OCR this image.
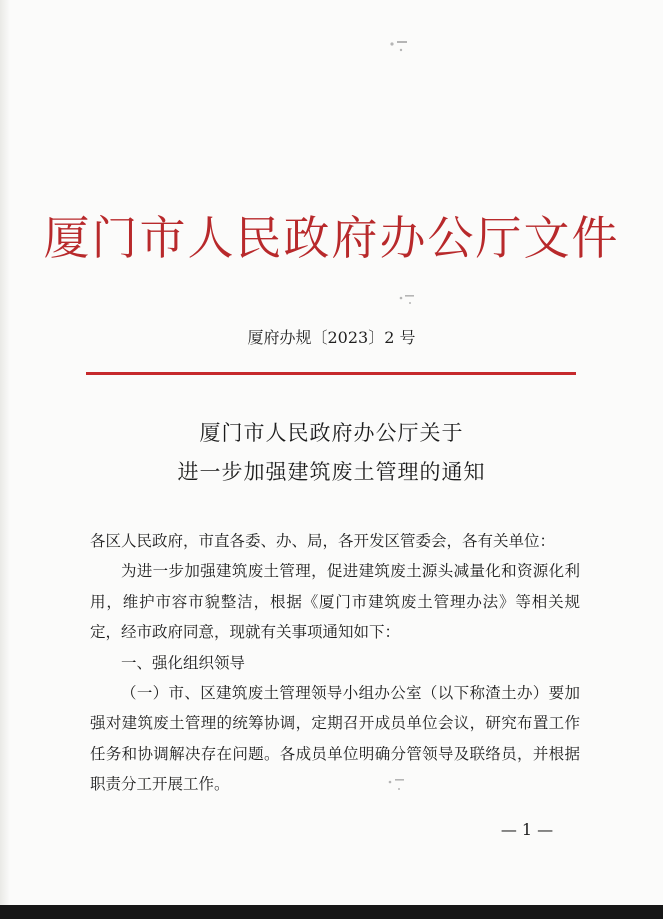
厦门市人民政府办公厅文件
厦府办规〔2023〕2 号
厦门市人民政府办公厅关于
进一步加强建筑废土管理的通知

各区人民政府，市直各委、办、局，各开发区管委会，各有关单位：

为进一步加强建筑废土管理，促进建筑废土源头减量化和资源化利用，维护市容市貌整洁，根据《厦门市建筑废土管理办法》等相关规定，经市政府同意，现就有关事项通知如下：

一、强化组织领导

（一）市、区建筑废土管理领导小组办公室（以下称渣土办）要加强对建筑废土管理的统筹协调，定期召开成员单位会议，研究布置工作任务和协调解决存在问题。各成员单位明确分管领导及联络员，并根据职责分工开展工作。

— 1 —
